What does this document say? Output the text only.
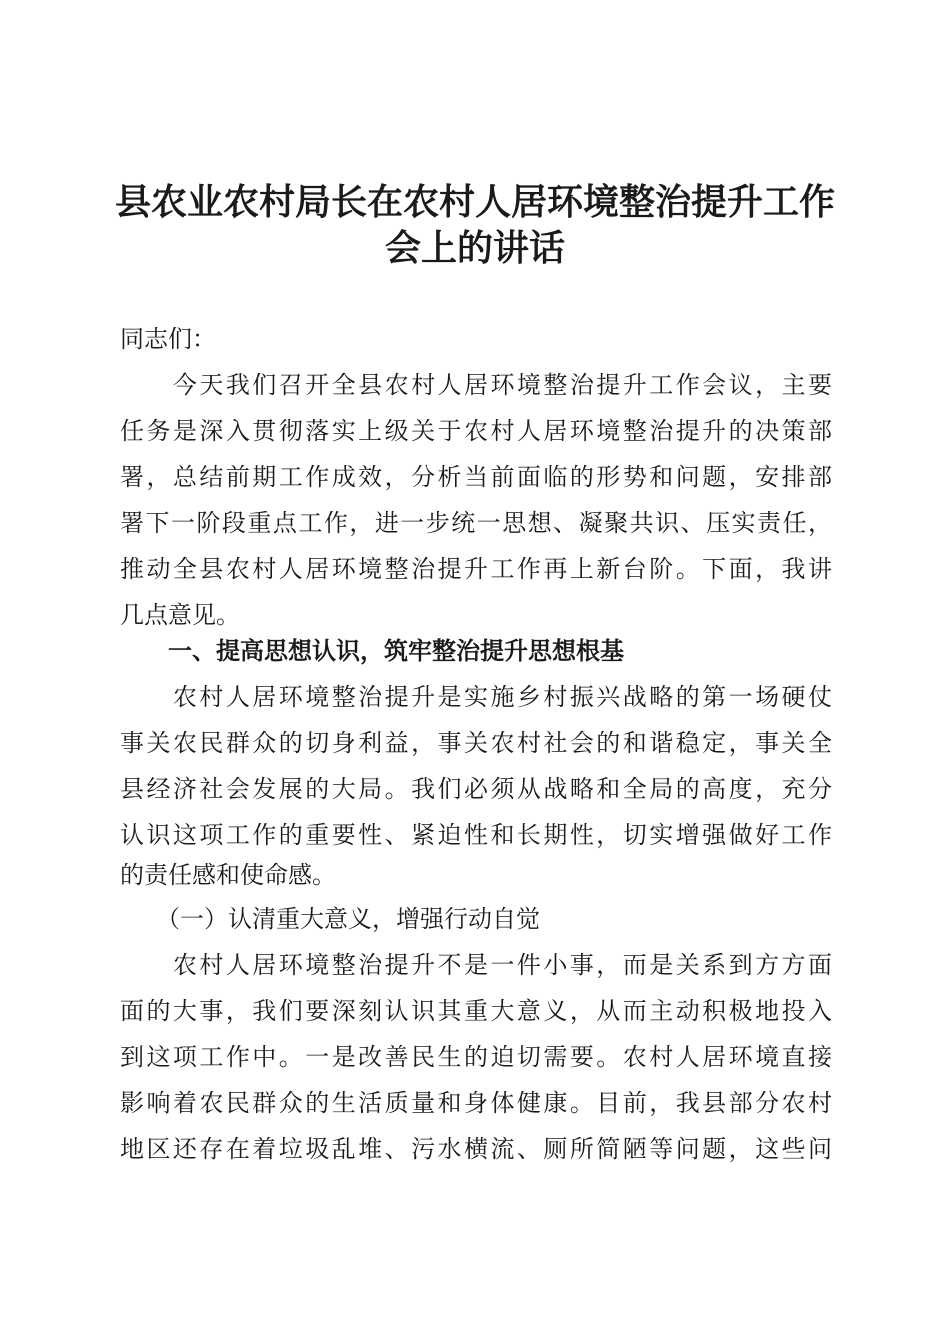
县农业农村局长在农村人居环境整治提升工作
会上的讲话

同志们：

　　今天我们召开全县农村人居环境整治提升工作会议，主要

任务是深入贯彻落实上级关于农村人居环境整治提升的决策部

署，总结前期工作成效，分析当前面临的形势和问题，安排部

署下一阶段重点工作，进一步统一思想、凝聚共识、压实责任，

推动全县农村人居环境整治提升工作再上新台阶。下面，我讲

几点意见。

　　一、提高思想认识，筑牢整治提升思想根基

　　农村人居环境整治提升是实施乡村振兴战略的第一场硬仗

事关农民群众的切身利益，事关农村社会的和谐稳定，事关全

县经济社会发展的大局。我们必须从战略和全局的高度，充分

认识这项工作的重要性、紧迫性和长期性，切实增强做好工作

的责任感和使命感。

　　（一）认清重大意义，增强行动自觉

　　农村人居环境整治提升不是一件小事，而是关系到方方面

面的大事，我们要深刻认识其重大意义，从而主动积极地投入

到这项工作中。一是改善民生的迫切需要。农村人居环境直接

影响着农民群众的生活质量和身体健康。目前，我县部分农村

地区还存在着垃圾乱堆、污水横流、厕所简陋等问题，这些问
